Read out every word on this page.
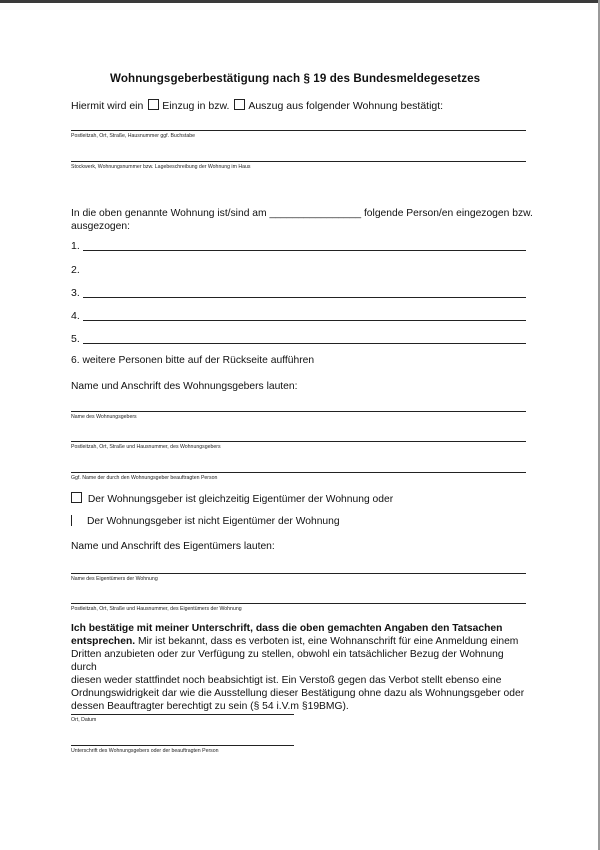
Wohnungsgeberbestätigung nach § 19 des Bundesmeldegesetzes
Hiermit wird ein Einzug in bzw. Auszug aus folgender Wohnung bestätigt:
Postleitzah, Ort, Straße, Hausnummer ggf. Buchstabe
Stockwerk, Wohnungsnummer bzw. Lagebeschreibung der Wohnung im Haus
In die oben genannte Wohnung ist/sind am ________________ folgende Person/en eingezogen bzw.
ausgezogen:
1.
2.
3.
4.
5.
6. weitere Personen bitte auf der Rückseite aufführen
Name und Anschrift des Wohnungsgebers lauten:
Name des Wohnungsgebers
Postleitzah, Ort, Straße und Hausnummer, des Wohnungsgebers
Ggf. Name der durch den Wohnungsgeber beauftragten Person
Der Wohnungsgeber ist gleichzeitig Eigentümer der Wohnung oder
Der Wohnungsgeber ist nicht Eigentümer der Wohnung
Name und Anschrift des Eigentümers lauten:
Name des Eigentümers der Wohnung
Postleitzah, Ort, Straße und Hausnummer, des Eigentümers der Wohnung
Ich bestätige mit meiner Unterschrift, dass die oben gemachten Angaben den Tatsachen
entsprechen. Mir ist bekannt, dass es verboten ist, eine Wohnanschrift für eine Anmeldung einem
Dritten anzubieten oder zur Verfügung zu stellen, obwohl ein tatsächlicher Bezug der Wohnung durch
diesen weder stattfindet noch beabsichtigt ist. Ein Verstoß gegen das Verbot stellt ebenso eine
Ordnungswidrigkeit dar wie die Ausstellung dieser Bestätigung ohne dazu als Wohnungsgeber oder
dessen Beauftragter berechtigt zu sein (§ 54 i.V.m §19BMG).
Ort, Datum
Unterschrift des Wohnungsgebers oder der beauftragten Person
